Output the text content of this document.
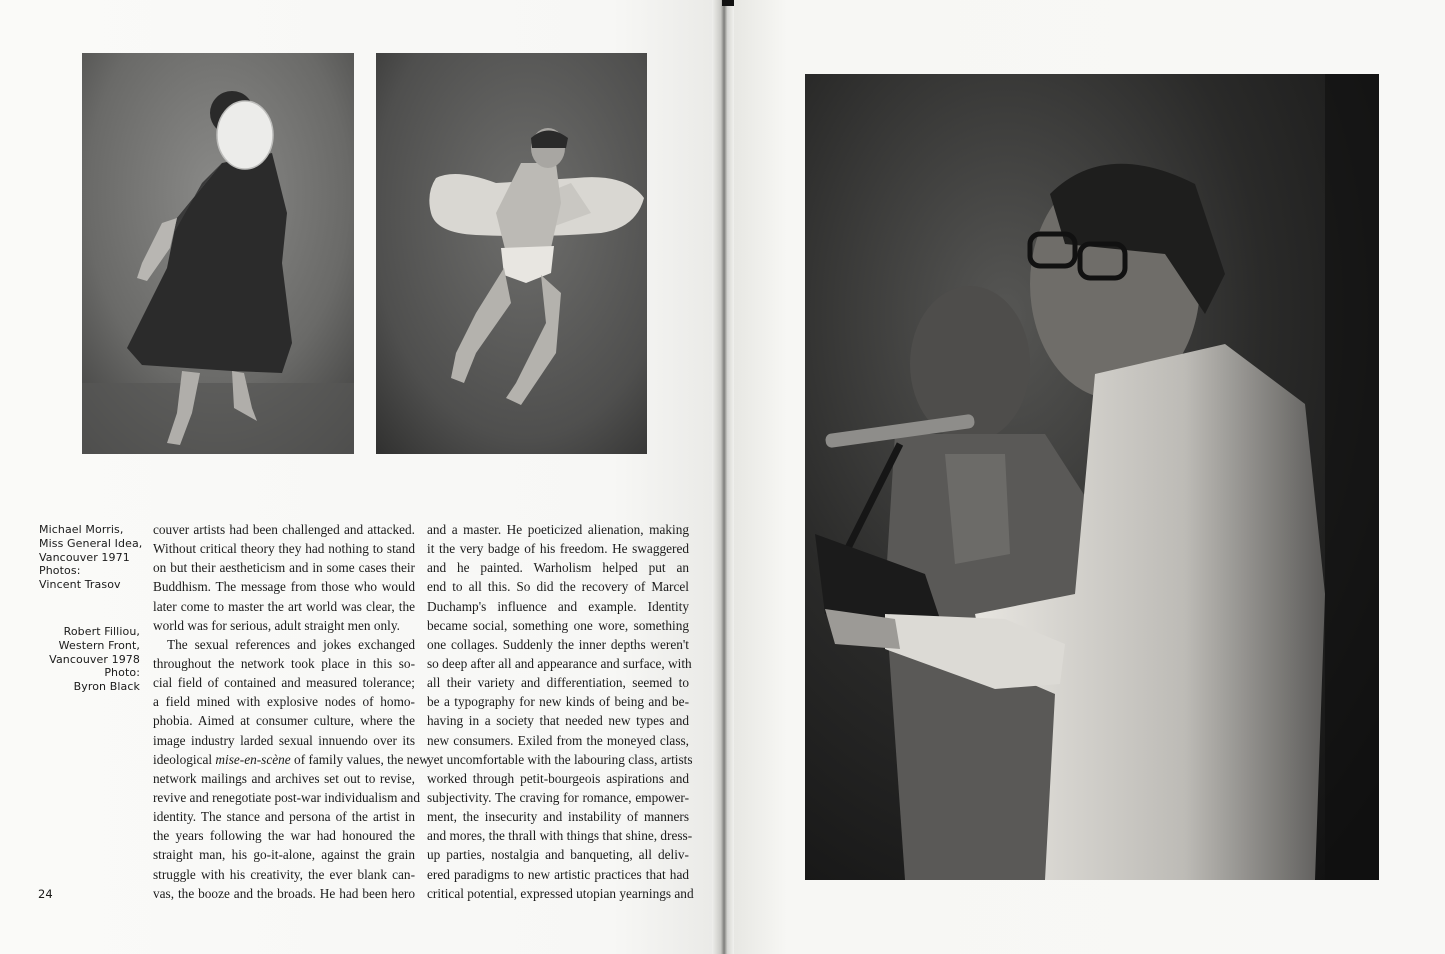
Michael Morris,
Miss General Idea,
Vancouver 1971
Photos:
Vincent Trasov
Robert Filliou,
Western Front,
Vancouver 1978
Photo:
Byron Black
couver artists had been challenged and attacked.
Without critical theory they had nothing to stand
on but their aestheticism and in some cases their
Buddhism. The message from those who would
later come to master the art world was clear, the
world was for serious, adult straight men only.
The sexual references and jokes exchanged
throughout the network took place in this so-
cial field of contained and measured tolerance;
a field mined with explosive nodes of homo-
phobia. Aimed at consumer culture, where the
image industry larded sexual innuendo over its
ideological mise-en-scène of family values, the new
network mailings and archives set out to revise,
revive and renegotiate post-war individualism and
identity. The stance and persona of the artist in
the years following the war had honoured the
straight man, his go-it-alone, against the grain
struggle with his creativity, the ever blank can-
vas, the booze and the broads. He had been hero
and a master. He poeticized alienation, making
it the very badge of his freedom. He swaggered
and he painted. Warholism helped put an
end to all this. So did the recovery of Marcel
Duchamp's influence and example. Identity
became social, something one wore, something
one collages. Suddenly the inner depths weren't
so deep after all and appearance and surface, with
all their variety and differentiation, seemed to
be a typography for new kinds of being and be-
having in a society that needed new types and
new consumers. Exiled from the moneyed class,
yet uncomfortable with the labouring class, artists
worked through petit-bourgeois aspirations and
subjectivity. The craving for romance, empower-
ment, the insecurity and instability of manners
and mores, the thrall with things that shine, dress-
up parties, nostalgia and banqueting, all deliv-
ered paradigms to new artistic practices that had
critical potential, expressed utopian yearnings and
24
